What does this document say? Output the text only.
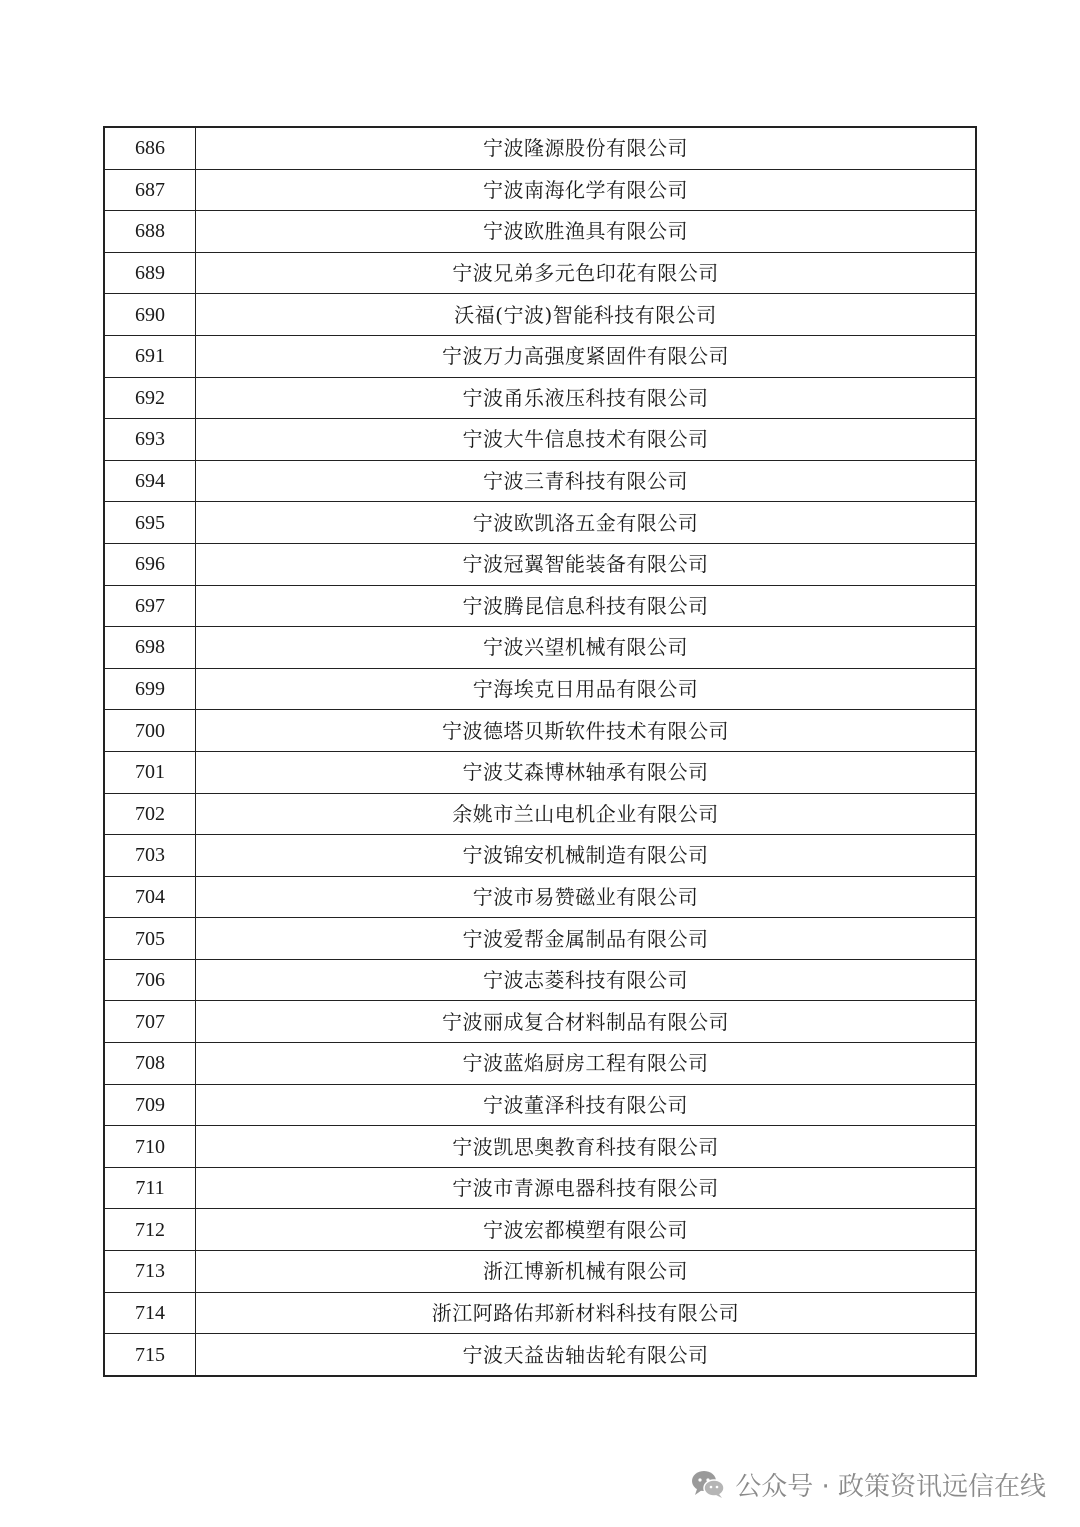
686	宁波隆源股份有限公司
687	宁波南海化学有限公司
688	宁波欧胜渔具有限公司
689	宁波兄弟多元色印花有限公司
690	沃福(宁波)智能科技有限公司
691	宁波万力高强度紧固件有限公司
692	宁波甬乐液压科技有限公司
693	宁波大牛信息技术有限公司
694	宁波三青科技有限公司
695	宁波欧凯洛五金有限公司
696	宁波冠翼智能装备有限公司
697	宁波腾昆信息科技有限公司
698	宁波兴望机械有限公司
699	宁海埃克日用品有限公司
700	宁波德塔贝斯软件技术有限公司
701	宁波艾森博林轴承有限公司
702	余姚市兰山电机企业有限公司
703	宁波锦安机械制造有限公司
704	宁波市易赞磁业有限公司
705	宁波爱帮金属制品有限公司
706	宁波志菱科技有限公司
707	宁波丽成复合材料制品有限公司
708	宁波蓝焰厨房工程有限公司
709	宁波董泽科技有限公司
710	宁波凯思奥教育科技有限公司
711	宁波市青源电器科技有限公司
712	宁波宏都模塑有限公司
713	浙江博新机械有限公司
714	浙江阿路佑邦新材料科技有限公司
715	宁波天益齿轴齿轮有限公司
公众号 · 政策资讯远信在线
